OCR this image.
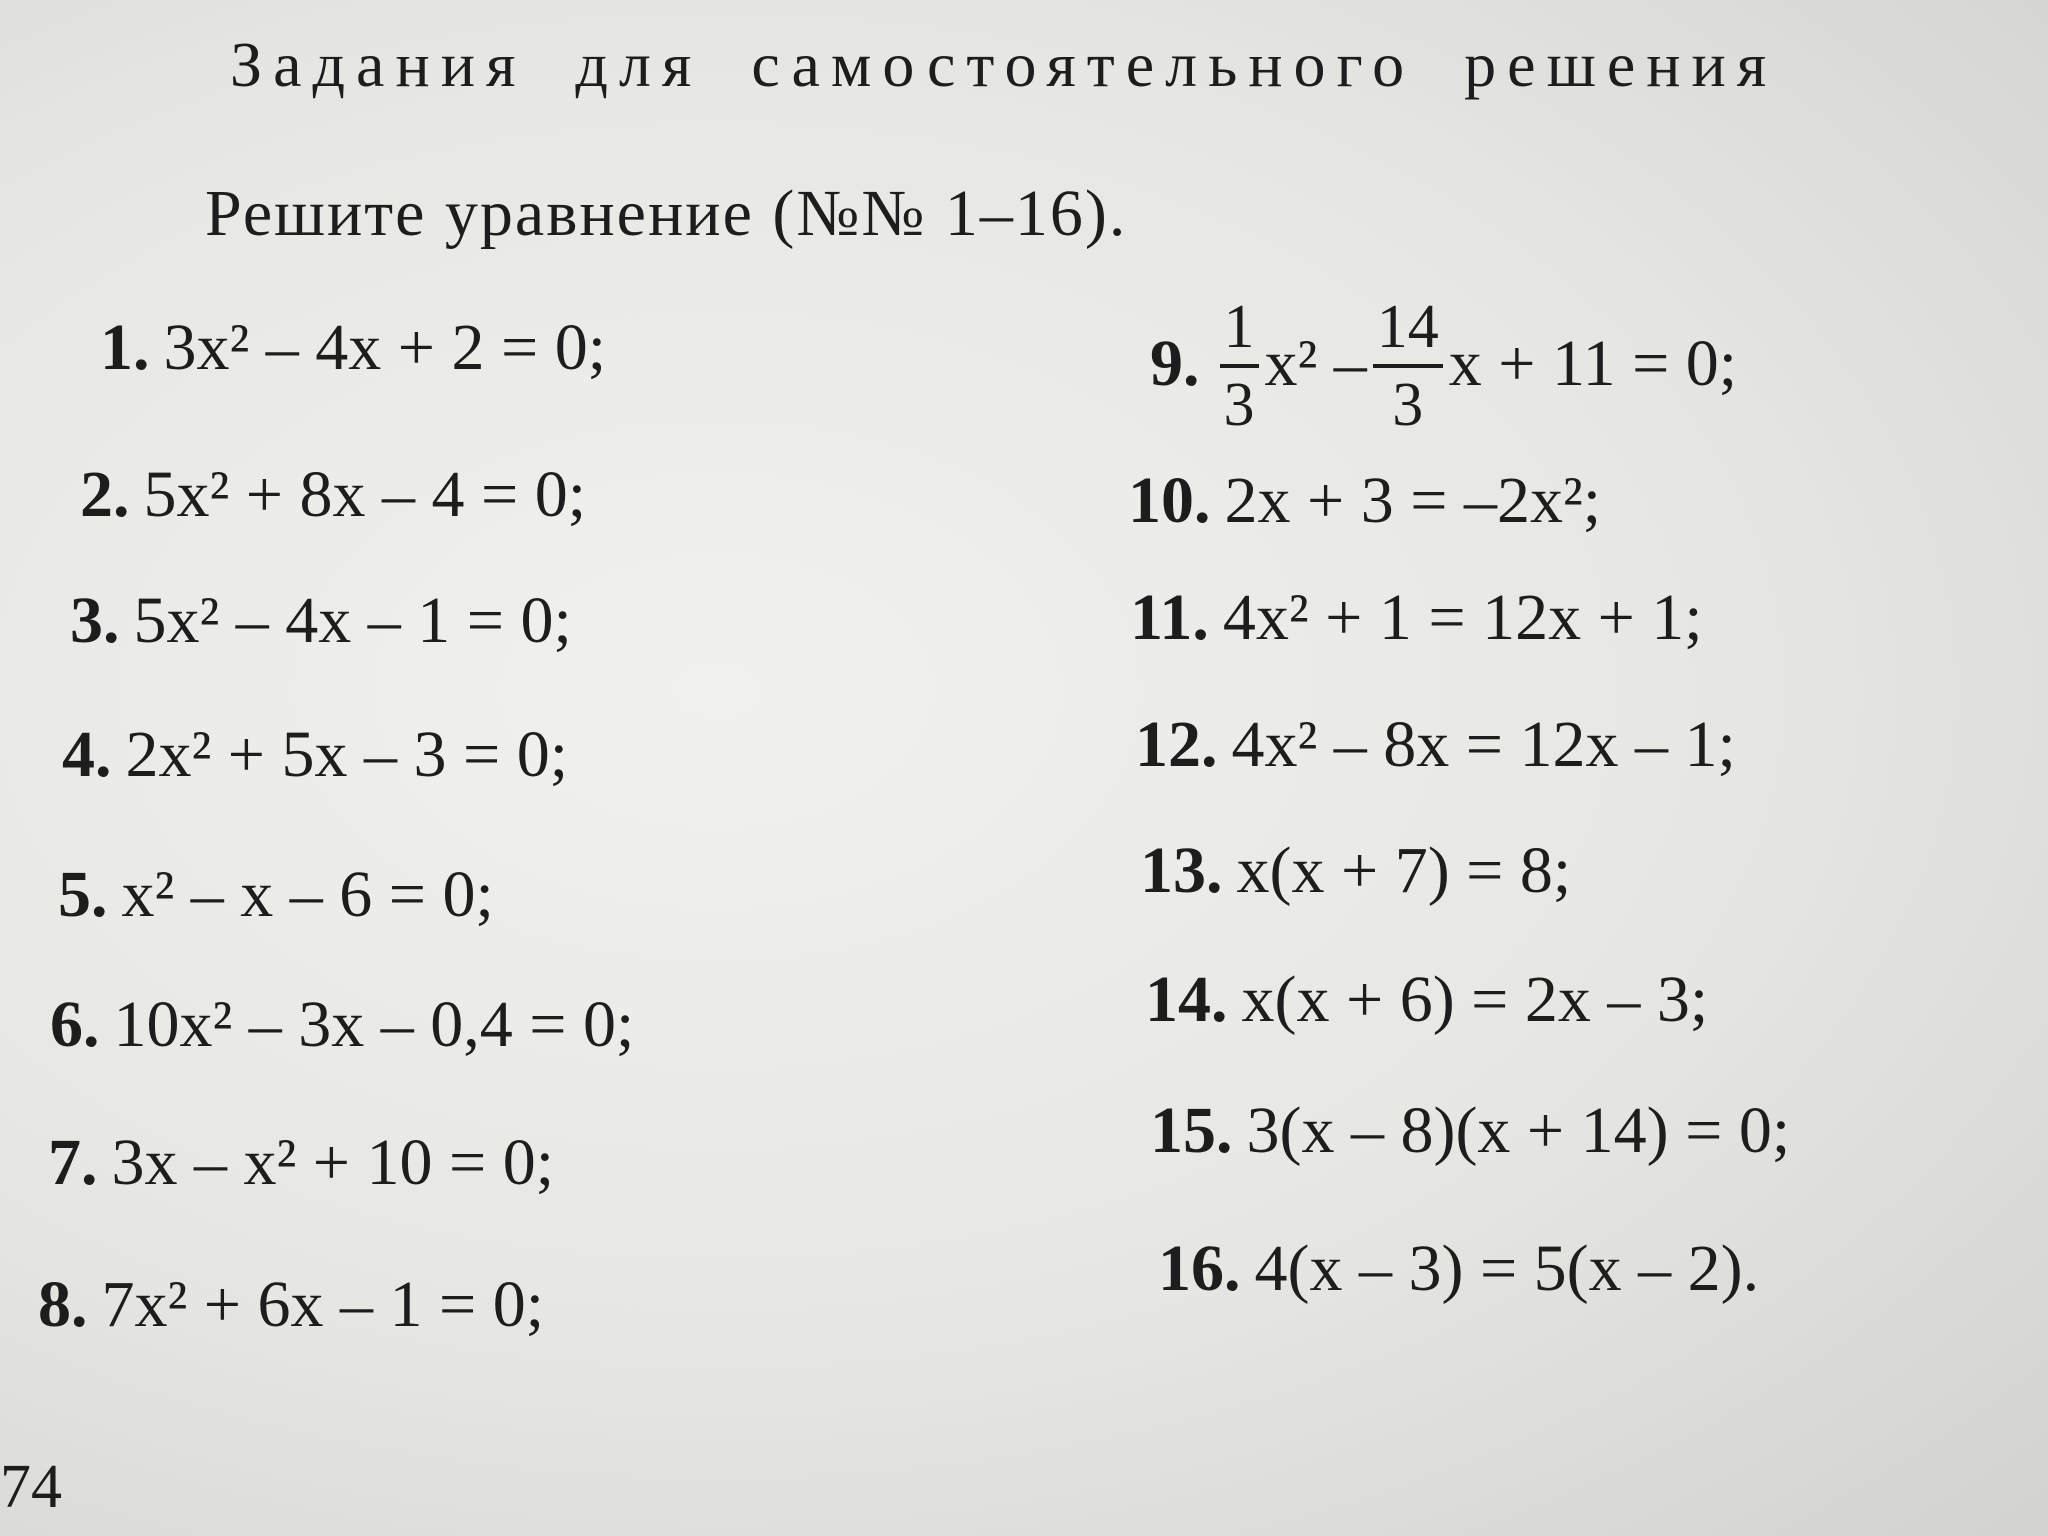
Задания для самостоятельного решения
Решите уравнение (№№ 1–16).
1. 3x² – 4x + 2 = 0;
2. 5x² + 8x – 4 = 0;
3. 5x² – 4x – 1 = 0;
4. 2x² + 5x – 3 = 0;
5. x² – x – 6 = 0;
6. 10x² – 3x – 0,4 = 0;
7. 3x – x² + 10 = 0;
8. 7x² + 6x – 1 = 0;
9. $\frac{1}{3} x^2 - \frac{14}{3}$ x + 11 = 0;
10. 2x + 3 = –2x²;
11. 4x² + 1 = 12x + 1;
12. 4x² – 8x = 12x – 1;
13. x(x + 7) = 8;
14. x(x + 6) = 2x – 3;
15. 3(x – 8)(x + 14) = 0;
16. 4(x – 3) = 5(x – 2).
74
